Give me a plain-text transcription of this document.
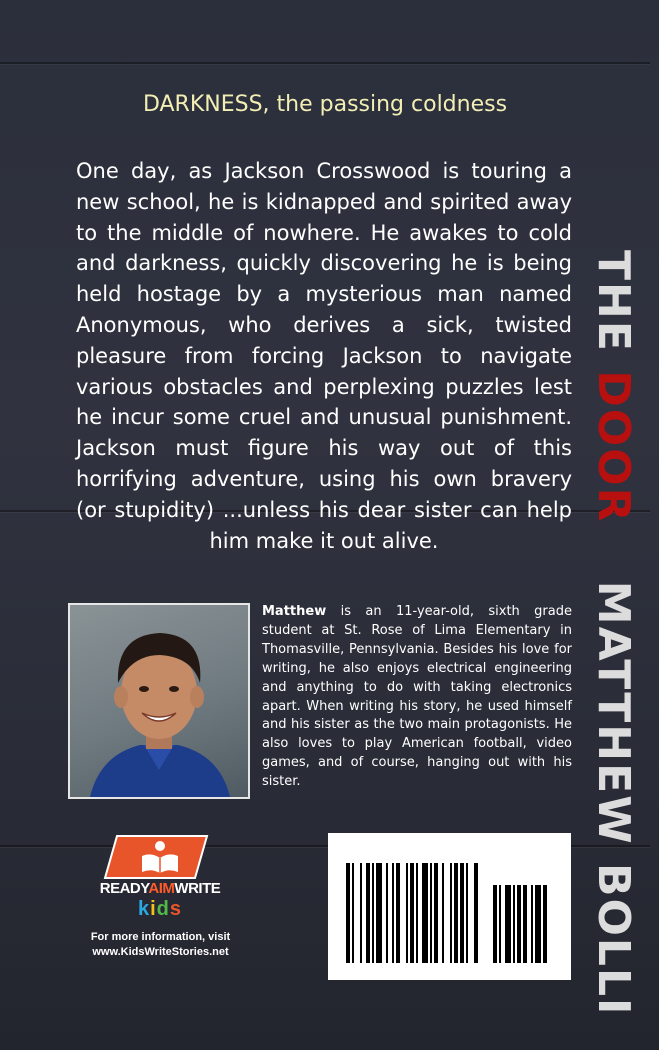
DARKNESS, the passing coldness
One day, as Jackson Crosswood is touring a new school, he is kidnapped and spirited away to the middle of nowhere. He awakes to cold and darkness, quickly discovering he is being held hostage by a mysterious man named Anonymous, who derives a sick, twisted pleasure from forcing Jackson to navigate various obstacles and perplexing puzzles lest he incur some cruel and unusual punishment. Jackson must figure his way out of this horrifying adventure, using his own bravery (or stupidity) ...unless his dear sister can help him make it out alive.
THE DOOR MATTHEW BOLLI
Matthew is an 11-year-old, sixth grade student at St. Rose of Lima Elementary in Thomasville, Pennsylvania. Besides his love for writing, he also enjoys electrical engineering and anything to do with taking electronics apart. When writing his story, he used himself and his sister as the two main protagonists. He also loves to play American football, video games, and of course, hanging out with his sister.
READYAIMWRITE
kids
For more information, visit
www.KidsWriteStories.net
